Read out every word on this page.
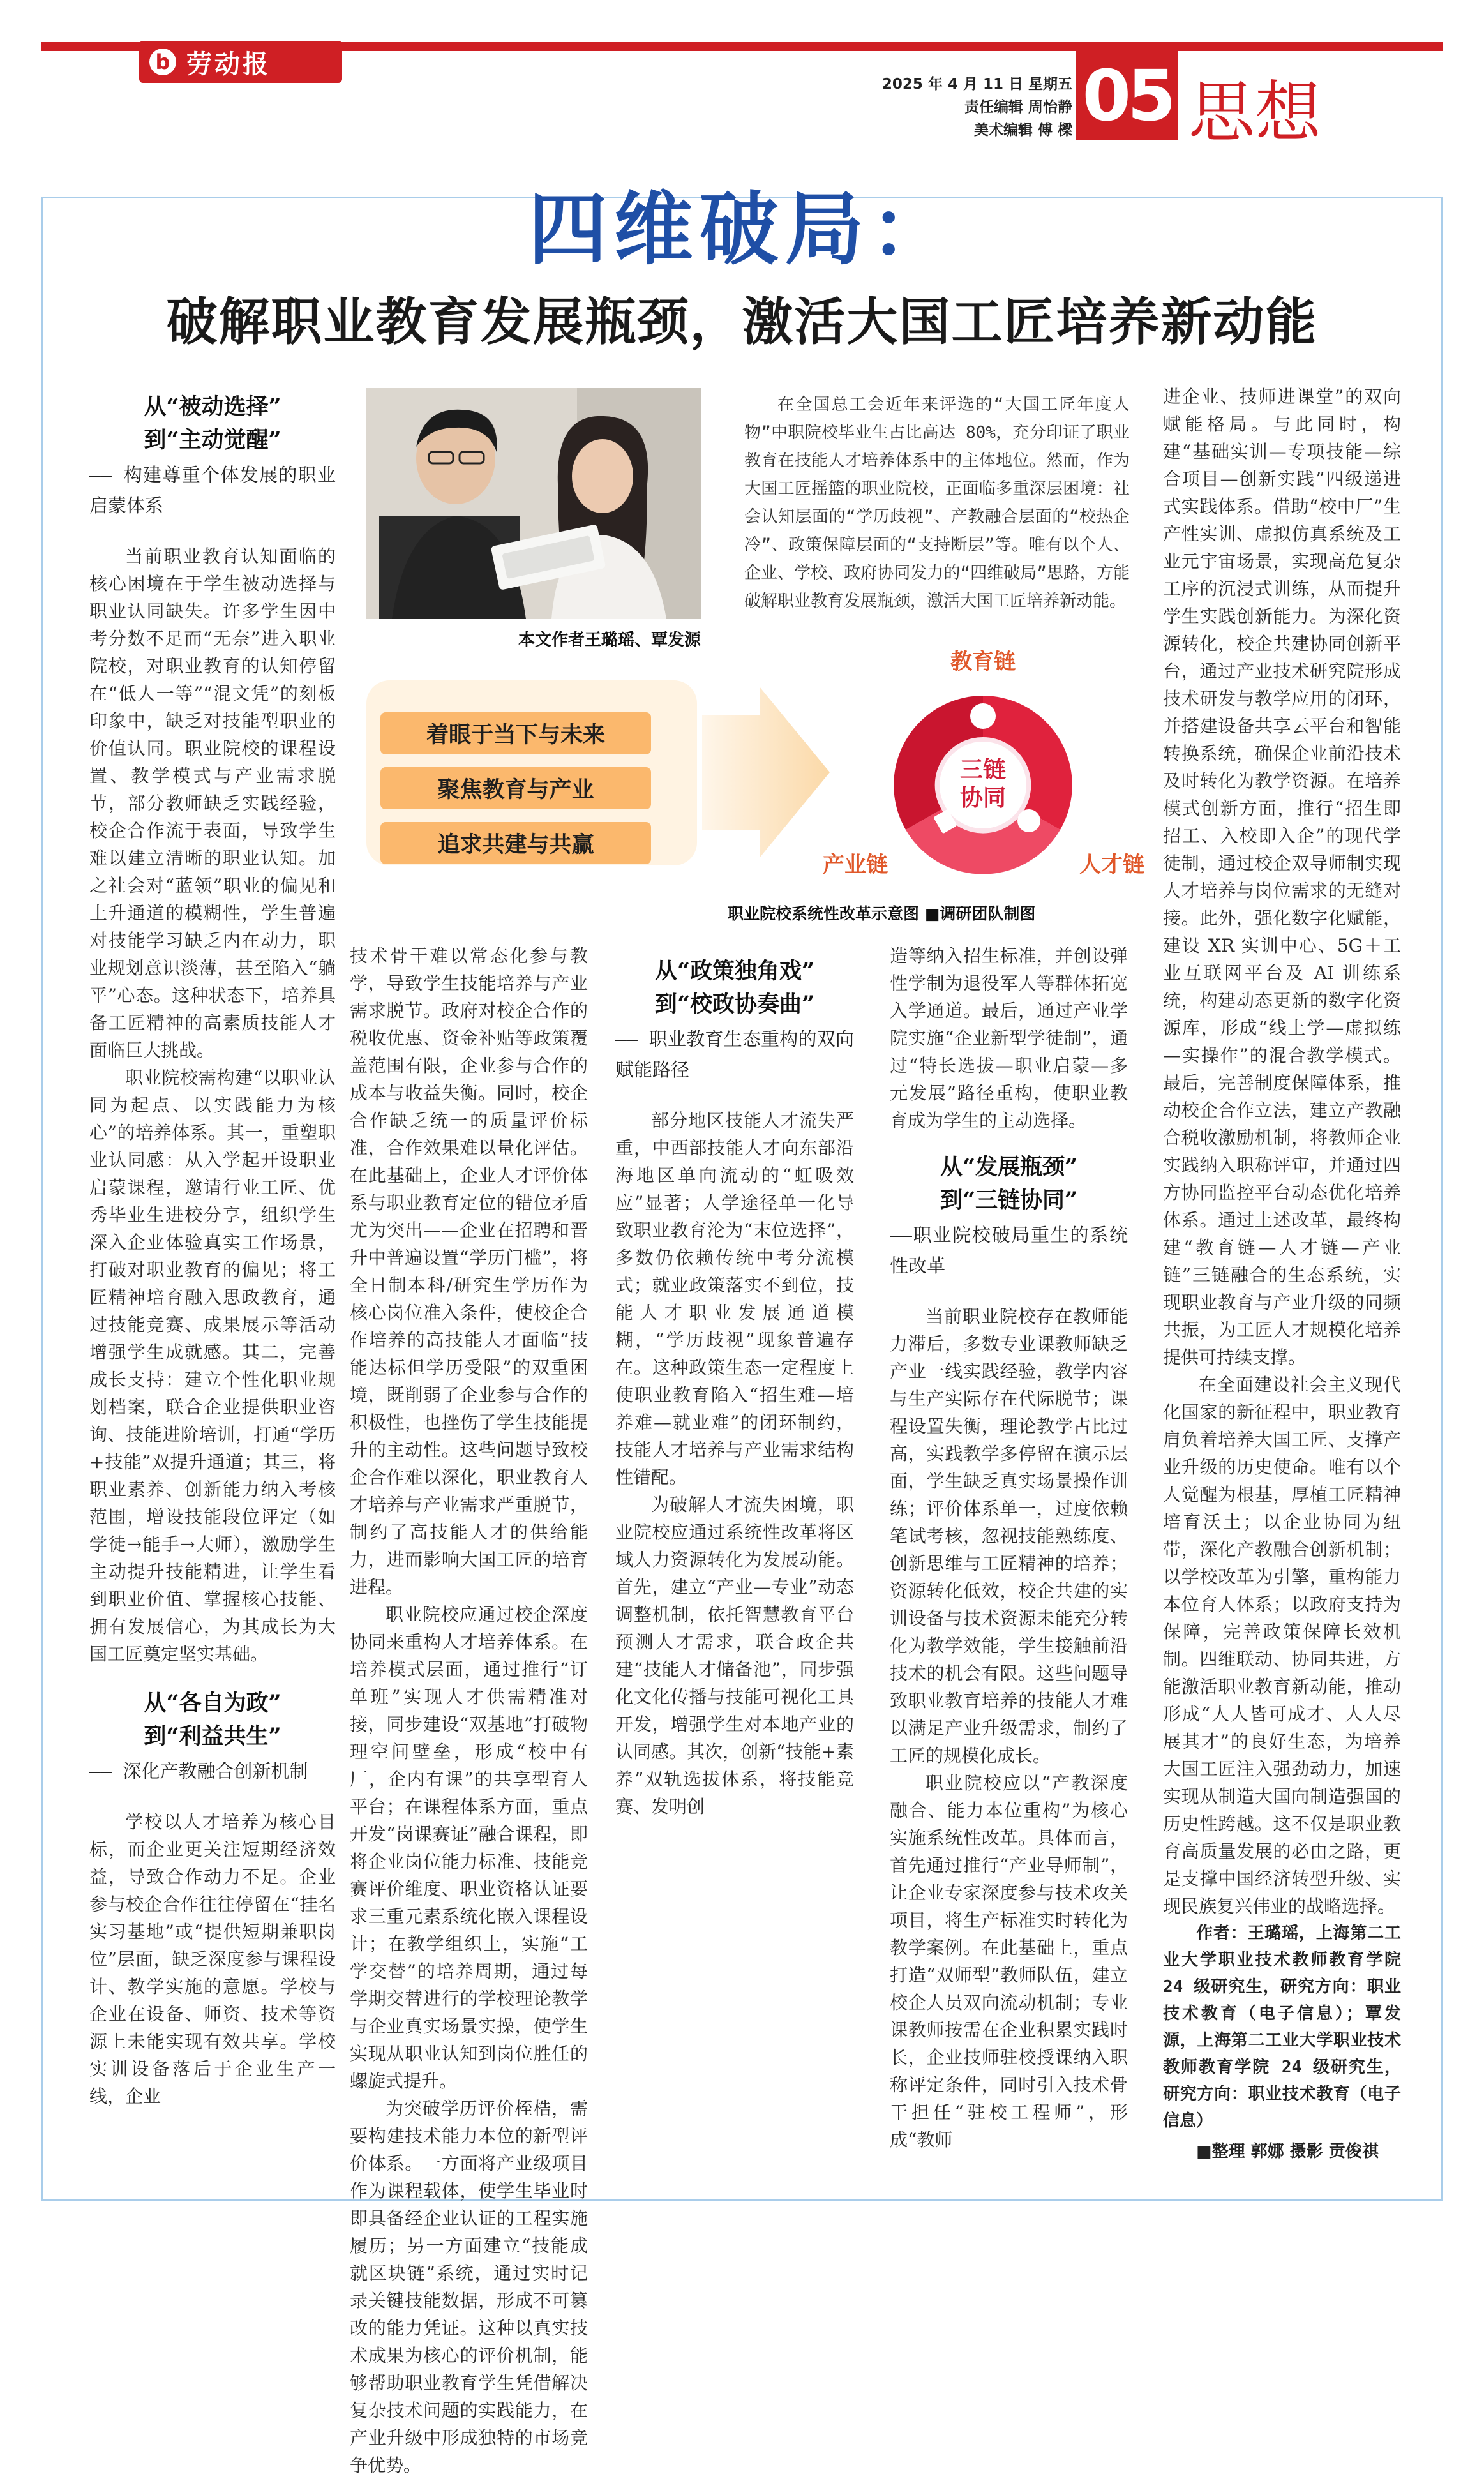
b 劳动报
2025 年 4 月 11 日 星期五
责任编辑 周怡静
美术编辑 傅 樑 05 思想
四维破局：
破解职业教育发展瓶颈，激活大国工匠培养新动能
从“被动选择”
到“主动觉醒”
—— 构建尊重个体发展的职业启蒙体系

当前职业教育认知面临的核心困境在于学生被动选择与职业认同缺失。许多学生因中考分数不足而“无奈”进入职业院校，对职业教育的认知停留在“低人一等”“混文凭”的刻板印象中，缺乏对技能型职业的价值认同。职业院校的课程设置、教学模式与产业需求脱节，部分教师缺乏实践经验，校企合作流于表面，导致学生难以建立清晰的职业认知。加之社会对“蓝领”职业的偏见和上升通道的模糊性，学生普遍对技能学习缺乏内在动力，职业规划意识淡薄，甚至陷入“躺平”心态。这种状态下，培养具备工匠精神的高素质技能人才面临巨大挑战。

职业院校需构建“以职业认同为起点、以实践能力为核心”的培养体系。其一，重塑职业认同感：从入学起开设职业启蒙课程，邀请行业工匠、优秀毕业生进校分享，组织学生深入企业体验真实工作场景，打破对职业教育的偏见；将工匠精神培育融入思政教育，通过技能竞赛、成果展示等活动增强学生成就感。其二，完善成长支持：建立个性化职业规划档案，联合企业提供职业咨询、技能进阶培训，打通“学历+技能”双提升通道；其三，将职业素养、创新能力纳入考核范围，增设技能段位评定（如学徒→能手→大师），激励学生主动提升技能精进，让学生看到职业价值、掌握核心技能、拥有发展信心，为其成长为大国工匠奠定坚实基础。

从“各自为政”
到“利益共生”
—— 深化产教融合创新机制

学校以人才培养为核心目标，而企业更关注短期经济效益，导致合作动力不足。企业参与校企合作往往停留在“挂名实习基地”或“提供短期兼职岗位”层面，缺乏深度参与课程设计、教学实施的意愿。学校与企业在设备、师资、技术等资源上未能实现有效共享。学校实训设备落后于企业生产一线，企业

本文作者王璐瑶、覃发源
在全国总工会近年来评选的“大国工匠年度人物”中职院校毕业生占比高达 80%，充分印证了职业教育在技能人才培养体系中的主体地位。然而，作为大国工匠摇篮的职业院校，正面临多重深层困境：社会认知层面的“学历歧视”、产教融合层面的“校热企冷”、政策保障层面的“支持断层”等。唯有以个人、企业、学校、政府协同发力的“四维破局”思路，方能破解职业教育发展瓶颈，激活大国工匠培养新动能。
着眼于当下与未来
聚焦教育与产业
追求共建与共赢
三链
协同
教育链
产业链	人才链
职业院校系统性改革示意图 ■调研团队制图

技术骨干难以常态化参与教学，导致学生技能培养与产业需求脱节。政府对校企合作的税收优惠、资金补贴等政策覆盖范围有限，企业参与合作的成本与收益失衡。同时，校企合作缺乏统一的质量评价标准，合作效果难以量化评估。在此基础上，企业人才评价体系与职业教育定位的错位矛盾尤为突出——企业在招聘和晋升中普遍设置“学历门槛”，将全日制本科/研究生学历作为核心岗位准入条件，使校企合作培养的高技能人才面临“技能达标但学历受限”的双重困境，既削弱了企业参与合作的积极性，也挫伤了学生技能提升的主动性。这些问题导致校企合作难以深化，职业教育人才培养与产业需求严重脱节，制约了高技能人才的供给能力，进而影响大国工匠的培育进程。

职业院校应通过校企深度协同来重构人才培养体系。在培养模式层面，通过推行“订单班”实现人才供需精准对接，同步建设“双基地”打破物理空间壁垒，形成“校中有厂，企内有课”的共享型育人平台；在课程体系方面，重点开发“岗课赛证”融合课程，即将企业岗位能力标准、技能竞赛评价维度、职业资格认证要求三重元素系统化嵌入课程设计；在教学组织上，实施“工学交替”的培养周期，通过每学期交替进行的学校理论教学与企业真实场景实操，使学生实现从职业认知到岗位胜任的螺旋式提升。

为突破学历评价桎梏，需要构建技术能力本位的新型评价体系。一方面将产业级项目作为课程载体，使学生毕业时即具备经企业认证的工程实施履历；另一方面建立“技能成就区块链”系统，通过实时记录关键技能数据，形成不可篡改的能力凭证。这种以真实技术成果为核心的评价机制，能够帮助职业教育学生凭借解决复杂技术问题的实践能力，在产业升级中形成独特的市场竞争优势。

从“政策独角戏”
到“校政协奏曲”
—— 职业教育生态重构的双向赋能路径

部分地区技能人才流失严重，中西部技能人才向东部沿海地区单向流动的“虹吸效应”显著；人学途径单一化导致职业教育沦为“末位选择”，多数仍依赖传统中考分流模式；就业政策落实不到位，技能人才职业发展通道模糊，“学历歧视”现象普遍存在。这种政策生态一定程度上使职业教育陷入“招生难—培养难—就业难”的闭环制约，技能人才培养与产业需求结构性错配。

为破解人才流失困境，职业院校应通过系统性改革将区域人力资源转化为发展动能。首先，建立“产业—专业”动态调整机制，依托智慧教育平台预测人才需求，联合政企共建“技能人才储备池”，同步强化文化传播与技能可视化工具开发，增强学生对本地产业的认同感。其次，创新“技能+素养”双轨选拔体系，将技能竞赛、发明创

造等纳入招生标准，并创设弹性学制为退役军人等群体拓宽入学通道。最后，通过产业学院实施“企业新型学徒制”，通过“特长选拔—职业启蒙—多元发展”路径重构，使职业教育成为学生的主动选择。

从“发展瓶颈”
到“三链协同”
——职业院校破局重生的系统性改革

当前职业院校存在教师能力滞后，多数专业课教师缺乏产业一线实践经验，教学内容与生产实际存在代际脱节；课程设置失衡，理论教学占比过高，实践教学多停留在演示层面，学生缺乏真实场景操作训练；评价体系单一，过度依赖笔试考核，忽视技能熟练度、创新思维与工匠精神的培养；资源转化低效，校企共建的实训设备与技术资源未能充分转化为教学效能，学生接触前沿技术的机会有限。这些问题导致职业教育培养的技能人才难以满足产业升级需求，制约了工匠的规模化成长。

职业院校应以“产教深度融合、能力本位重构”为核心实施系统性改革。具体而言，首先通过推行“产业导师制”，让企业专家深度参与技术攻关项目，将生产标准实时转化为教学案例。在此基础上，重点打造“双师型”教师队伍，建立校企人员双向流动机制；专业课教师按需在企业积累实践时长，企业技师驻校授课纳入职称评定条件，同时引入技术骨干担任“驻校工程师”，形成“教师

进企业、技师进课堂”的双向赋能格局。与此同时，构建“基础实训—专项技能—综合项目—创新实践”四级递进式实践体系。借助“校中厂”生产性实训、虚拟仿真系统及工业元宇宙场景，实现高危复杂工序的沉浸式训练，从而提升学生实践创新能力。为深化资源转化，校企共建协同创新平台，通过产业技术研究院形成技术研发与教学应用的闭环，并搭建设备共享云平台和智能转换系统，确保企业前沿技术及时转化为教学资源。在培养模式创新方面，推行“招生即招工、入校即入企”的现代学徒制，通过校企双导师制实现人才培养与岗位需求的无缝对接。此外，强化数字化赋能，建设 XR 实训中心、5G＋工业互联网平台及 AI 训练系统，构建动态更新的数字化资源库，形成“线上学—虚拟练—实操作”的混合教学模式。最后，完善制度保障体系，推动校企合作立法，建立产教融合税收激励机制，将教师企业实践纳入职称评审，并通过四方协同监控平台动态优化培养体系。通过上述改革，最终构建“教育链—人才链—产业链”三链融合的生态系统，实现职业教育与产业升级的同频共振，为工匠人才规模化培养提供可持续支撑。

在全面建设社会主义现代化国家的新征程中，职业教育肩负着培养大国工匠、支撑产业升级的历史使命。唯有以个人觉醒为根基，厚植工匠精神培育沃土；以企业协同为纽带，深化产教融合创新机制；以学校改革为引擎，重构能力本位育人体系；以政府支持为保障，完善政策保障长效机制。四维联动、协同共进，方能激活职业教育新动能，推动形成“人人皆可成才、人人尽展其才”的良好生态，为培养大国工匠注入强劲动力，加速实现从制造大国向制造强国的历史性跨越。这不仅是职业教育高质量发展的必由之路，更是支撑中国经济转型升级、实现民族复兴伟业的战略选择。

作者：王璐瑶，上海第二工业大学职业技术教师教育学院 24 级研究生，研究方向：职业技术教育（电子信息）；覃发源，上海第二工业大学职业技术教师教育学院 24 级研究生，研究方向：职业技术教育（电子信息）

■整理 郭娜 摄影 贡俊祺
